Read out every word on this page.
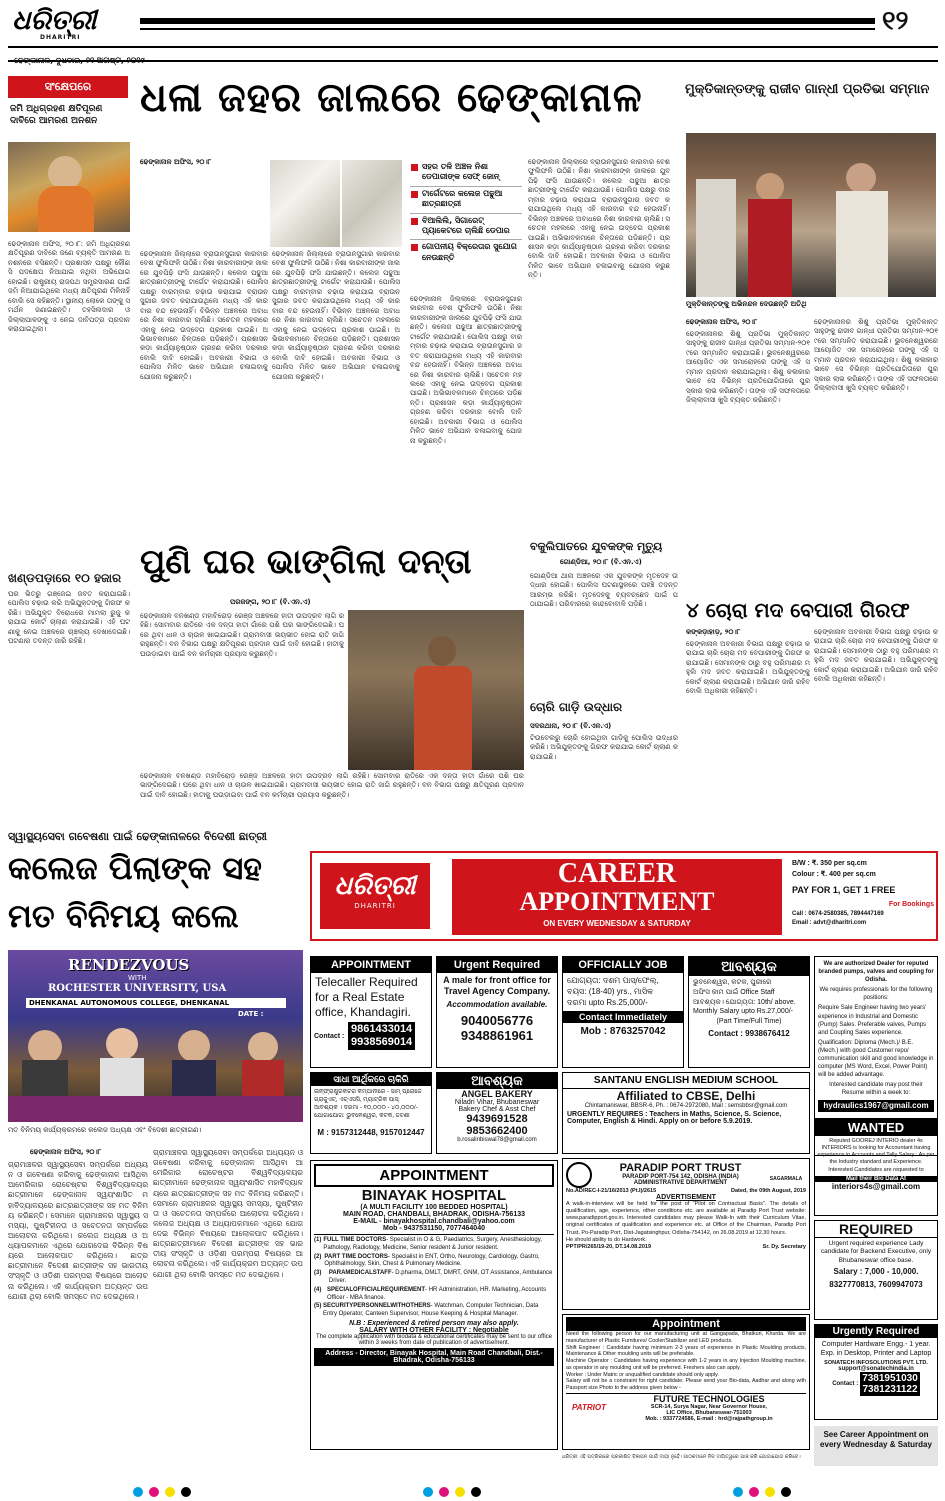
ଧରିତ୍ରୀ
DHARITRI
୧୨
ଢେଙ୍କାନାଳ, ବୁଧବାର, ୨୧ ଅଗଷ୍ଟ, ୨୦୧୯
ସଂକ୍ଷେପରେ
ଜମି ଅଧିଗ୍ରହଣ କ୍ଷତିପୂରଣ ଦାବିରେ ଆମରଣ ଅନଶନ
ଢେଙ୍କାନାଳ ଅଫିସ, ୨୦।୮: ଜମି ଅଧିଗ୍ରହଣ କ୍ଷତିପୂରଣ ଦାବିରେ ଜଣେ ବ୍ୟକ୍ତି ଆମରଣ ଅନଶନରେ ବସିଛନ୍ତି। ପ୍ରଶାସନ ପକ୍ଷରୁ କୌଣସି ପଦକ୍ଷେପ ନିଆଯାଇ ନଥିବା ଅଭିଯୋଗ ହୋଇଛି। ରାଷ୍ଟ୍ରୀୟ ରାଜପଥ ସମ୍ପ୍ରସାରଣ ପାଇଁ ଜମି ନିଆଯାଇଥିଲେ ମଧ୍ୟ କ୍ଷତିପୂରଣ ମିଳିନାହିଁ ବୋଲି ସେ କହିଛନ୍ତି। ସ୍ଥାନୀୟ ଲୋକେ ତାଙ୍କୁ ସମର୍ଥନ ଜଣାଇଛନ୍ତି। ତହସିଲଦାର ଓ ଜିଲ୍ଲାପାଳଙ୍କୁ ଏ ନେଇ ଦାବିପତ୍ର ପ୍ରଦାନ କରାଯାଇଥିଲା।
ଖଣ୍ଡପଡ଼ାରେ ୧୦ ହଜାର
ଘର ଭିତରୁ ଗଞ୍ଜେଇ ଜବତ କରାଯାଇଛି। ପୋଲିସ ଚଢ଼ାଉ କରି ଅଭିଯୁକ୍ତଙ୍କୁ ଗିରଫ କରିଛି। ଅଭିଯୁକ୍ତ ବିରୋଧରେ ମାମଲା ରୁଜୁ କରାଯାଇ କୋର୍ଟ ଚାଲାଣ କରାଯାଇଛି। ଏହି ଘଟଣାକୁ ନେଇ ଅଞ୍ଚଳରେ ଚାଞ୍ଚଲ୍ୟ ଦେଖାଦେଇଛି। ଘଟଣାର ତଦନ୍ତ ଜାରି ରହିଛି।
ଧଳା ଜହର ଜାଲରେ ଢେଙ୍କାନାଳ
ଢେଙ୍କାନାଳ ଅଫିସ, ୨୦।୮	ସହର ତଳି ଅଞ୍ଚଳ ନିଶା ଡେପାରୀଙ୍କ ସେଫ୍ ଜୋନ୍
ଟାର୍ଗେଟରେ କଲେଜ ପଢୁଆ ଛାତ୍ରଛାତ୍ରୀ
ବିଆଲିଲି, ସିଗାରେଟ୍ ପ୍ୟାକେଟରେ ଚାଲିଛି ଡେପାର
ଗୋପନୀୟ ବିକ୍ରେତାର ସୁଯୋଗ ନେଉଛନ୍ତି
ଢେଙ୍କାନାଳ ଜିଲ୍ଲାରେ ବ୍ରାଉନସୁଗାର କାରବାର ବେଶ ଫୁଲିଫଳି ଉଠିଛି। ନିଶା କାରବାରୀଙ୍କ ଜାଲରେ ଯୁବପିଢ଼ି ଫସି ଯାଉଛନ୍ତି। କଲେଜ ପଢୁଆ ଛାତ୍ରଛାତ୍ରୀଙ୍କୁ ଟାର୍ଗେଟ କରାଯାଉଛି। ପୋଲିସ ପକ୍ଷରୁ ବାରମ୍ବାର ଚଢ଼ାଉ କରାଯାଇ ବ୍ରାଉନସୁଗାର ଜବତ କରାଯାଉଥିଲେ ମଧ୍ୟ ଏହି କାରବାର ବନ୍ଦ ହେଉନାହିଁ। ବିଭିନ୍ନ ଅଞ୍ଚଳରେ ଅବାଧରେ ନିଶା କାରବାର ଚାଲିଛି। ସଚେତନ ମହଲରେ ଏହାକୁ ନେଇ ଉଦ୍‌ବେଗ ପ୍ରକାଶ ପାଇଛି। ଅଭିଭାବକମାନେ ଚିନ୍ତାରେ ପଡ଼ିଛନ୍ତି। ପ୍ରଶାସନ କଡ଼ା କାର୍ଯ୍ୟାନୁଷ୍ଠାନ ଗ୍ରହଣ କରିବା ଦରକାର ବୋଲି ଦାବି ହୋଇଛି। ଅବକାରୀ ବିଭାଗ ଓ ପୋଲିସ ମିଳିତ ଭାବେ ଅଭିଯାନ ଚଳାଇବାକୁ ଯୋଜନା କରୁଛନ୍ତି।
ଢେଙ୍କାନାଳ ଜିଲ୍ଲାରେ ବ୍ରାଉନସୁଗାର କାରବାର ବେଶ ଫୁଲିଫଳି ଉଠିଛି। ନିଶା କାରବାରୀଙ୍କ ଜାଲରେ ଯୁବପିଢ଼ି ଫସି ଯାଉଛନ୍ତି। କଲେଜ ପଢୁଆ ଛାତ୍ରଛାତ୍ରୀଙ୍କୁ ଟାର୍ଗେଟ କରାଯାଉଛି। ପୋଲିସ ପକ୍ଷରୁ ବାରମ୍ବାର ଚଢ଼ାଉ କରାଯାଇ ବ୍ରାଉନସୁଗାର ଜବତ କରାଯାଉଥିଲେ ମଧ୍ୟ ଏହି କାରବାର ବନ୍ଦ ହେଉନାହିଁ। ବିଭିନ୍ନ ଅଞ୍ଚଳରେ ଅବାଧରେ ନିଶା କାରବାର ଚାଲିଛି। ସଚେତନ ମହଲରେ ଏହାକୁ ନେଇ ଉଦ୍‌ବେଗ ପ୍ରକାଶ ପାଇଛି। ଅଭିଭାବକମାନେ ଚିନ୍ତାରେ ପଡ଼ିଛନ୍ତି। ପ୍ରଶାସନ କଡ଼ା କାର୍ଯ୍ୟାନୁଷ୍ଠାନ ଗ୍ରହଣ କରିବା ଦରକାର ବୋଲି ଦାବି ହୋଇଛି। ଅବକାରୀ ବିଭାଗ ଓ ପୋଲିସ ମିଳିତ ଭାବେ ଅଭିଯାନ ଚଳାଇବାକୁ ଯୋଜନା କରୁଛନ୍ତି।
ଢେଙ୍କାନାଳ ଜିଲ୍ଲାରେ ବ୍ରାଉନସୁଗାର କାରବାର ବେଶ ଫୁଲିଫଳି ଉଠିଛି। ନିଶା କାରବାରୀଙ୍କ ଜାଲରେ ଯୁବପିଢ଼ି ଫସି ଯାଉଛନ୍ତି। କଲେଜ ପଢୁଆ ଛାତ୍ରଛାତ୍ରୀଙ୍କୁ ଟାର୍ଗେଟ କରାଯାଉଛି। ପୋଲିସ ପକ୍ଷରୁ ବାରମ୍ବାର ଚଢ଼ାଉ କରାଯାଇ ବ୍ରାଉନସୁଗାର ଜବତ କରାଯାଉଥିଲେ ମଧ୍ୟ ଏହି କାରବାର ବନ୍ଦ ହେଉନାହିଁ। ବିଭିନ୍ନ ଅଞ୍ଚଳରେ ଅବାଧରେ ନିଶା କାରବାର ଚାଲିଛି। ସଚେତନ ମହଲରେ ଏହାକୁ ନେଇ ଉଦ୍‌ବେଗ ପ୍ରକାଶ ପାଇଛି। ଅଭିଭାବକମାନେ ଚିନ୍ତାରେ ପଡ଼ିଛନ୍ତି। ପ୍ରଶାସନ କଡ଼ା କାର୍ଯ୍ୟାନୁଷ୍ଠାନ ଗ୍ରହଣ କରିବା ଦରକାର ବୋଲି ଦାବି ହୋଇଛି। ଅବକାରୀ ବିଭାଗ ଓ ପୋଲିସ ମିଳିତ ଭାବେ ଅଭିଯାନ ଚଳାଇବାକୁ ଯୋଜନା କରୁଛନ୍ତି।
ଢେଙ୍କାନାଳ ଜିଲ୍ଲାରେ ବ୍ରାଉନସୁଗାର କାରବାର ବେଶ ଫୁଲିଫଳି ଉଠିଛି। ନିଶା କାରବାରୀଙ୍କ ଜାଲରେ ଯୁବପିଢ଼ି ଫସି ଯାଉଛନ୍ତି। କଲେଜ ପଢୁଆ ଛାତ୍ରଛାତ୍ରୀଙ୍କୁ ଟାର୍ଗେଟ କରାଯାଉଛି। ପୋଲିସ ପକ୍ଷରୁ ବାରମ୍ବାର ଚଢ଼ାଉ କରାଯାଇ ବ୍ରାଉନସୁଗାର ଜବତ କରାଯାଉଥିଲେ ମଧ୍ୟ ଏହି କାରବାର ବନ୍ଦ ହେଉନାହିଁ। ବିଭିନ୍ନ ଅଞ୍ଚଳରେ ଅବାଧରେ ନିଶା କାରବାର ଚାଲିଛି। ସଚେତନ ମହଲରେ ଏହାକୁ ନେଇ ଉଦ୍‌ବେଗ ପ୍ରକାଶ ପାଇଛି। ଅଭିଭାବକମାନେ ଚିନ୍ତାରେ ପଡ଼ିଛନ୍ତି। ପ୍ରଶାସନ କଡ଼ା କାର୍ଯ୍ୟାନୁଷ୍ଠାନ ଗ୍ରହଣ କରିବା ଦରକାର ବୋଲି ଦାବି ହୋଇଛି। ଅବକାରୀ ବିଭାଗ ଓ ପୋଲିସ ମିଳିତ ଭାବେ ଅଭିଯାନ ଚଳାଇବାକୁ ଯୋଜନା କରୁଛନ୍ତି।
ମୁକ୍ତିକାନ୍ତଙ୍କୁ ରାଜୀବ ଗାନ୍ଧୀ ପ୍ରତିଭା ସମ୍ମାନ
ମୁକ୍ତିକାନ୍ତଙ୍କୁ ଅଭିନନ୍ଦନ ଦେଉଛନ୍ତି ଅତିଥି
ଢେଙ୍କାନାଳ ଅଫିସ, ୨୦।୮
ଢେଙ୍କାନାଳର ଶିଶୁ ପ୍ରତିଭା ମୁକ୍ତିକାନ୍ତ ସାହୁଙ୍କୁ ରାଜୀବ ଗାନ୍ଧୀ ପ୍ରତିଭା ସମ୍ମାନ-୨୦୧୯ରେ ସମ୍ମାନିତ କରାଯାଇଛି। ଭୁବନେଶ୍ୱରରେ ଆୟୋଜିତ ଏକ ସମାରୋହରେ ତାଙ୍କୁ ଏହି ସମ୍ମାନ ପ୍ରଦାନ କରାଯାଇଥିଲା। ଶିଶୁ କଳାକାର ଭାବେ ସେ ବିଭିନ୍ନ ପ୍ରତିଯୋଗିତାରେ ପୁରସ୍କାର ଲାଭ କରିଛନ୍ତି। ତାଙ୍କ ଏହି ସଫଳତାରେ ଜିଲ୍ଲାବାସୀ ଖୁସି ବ୍ୟକ୍ତ କରିଛନ୍ତି।
ଢେଙ୍କାନାଳର ଶିଶୁ ପ୍ରତିଭା ମୁକ୍ତିକାନ୍ତ ସାହୁଙ୍କୁ ରାଜୀବ ଗାନ୍ଧୀ ପ୍ରତିଭା ସମ୍ମାନ-୨୦୧୯ରେ ସମ୍ମାନିତ କରାଯାଇଛି। ଭୁବନେଶ୍ୱରରେ ଆୟୋଜିତ ଏକ ସମାରୋହରେ ତାଙ୍କୁ ଏହି ସମ୍ମାନ ପ୍ରଦାନ କରାଯାଇଥିଲା। ଶିଶୁ କଳାକାର ଭାବେ ସେ ବିଭିନ୍ନ ପ୍ରତିଯୋଗିତାରେ ପୁରସ୍କାର ଲାଭ କରିଛନ୍ତି। ତାଙ୍କ ଏହି ସଫଳତାରେ ଜିଲ୍ଲାବାସୀ ଖୁସି ବ୍ୟକ୍ତ କରିଛନ୍ତି।
ବକୁଲିପାତରେ ଯୁବକଙ୍କ ମୃତ୍ୟୁ
ଗୋଣ୍ଡିଆ, ୨୦।୮ (ବି.ଏନ.ଏ)
ଗୋଣ୍ଡିଆ ଥାନା ଅଞ୍ଚଳରେ ଏକ ଯୁବକଙ୍କ ମୃତଦେହ ଉଦ୍ଧାର ହୋଇଛି। ପୋଲିସ ଘଟଣାସ୍ଥଳରେ ପହଞ୍ଚି ତଦନ୍ତ ଆରମ୍ଭ କରିଛି। ମୃତଦେହକୁ ବ୍ୟବଚ୍ଛେଦ ପାଇଁ ପଠାଯାଇଛି। ପରିବାରରେ କାନ୍ଦବୋବାଳି ପଡ଼ିଛି।
ଚୋରି ଗାଡ଼ି ଉଦ୍ଧାର
ସଦରଥାନା, ୨୦।୮ (ବି.ଏନ.ଏ)
ଟିଉବେଲରୁ ଚୋରି ହୋଇଥିବା ଗାଡ଼ିକୁ ପୋଲିସ ଉଦ୍ଧାର କରିଛି। ଅଭିଯୁକ୍ତଙ୍କୁ ଗିରଫ କରାଯାଇ କୋର୍ଟ ଚାଲାଣ କରାଯାଇଛି।
ପୁଣି ଘର ଭାଙ୍ଗିଲା ଦନ୍ତା
ପରଜଙ୍ଗ, ୨୦।୮ (ବି.ଏନ.ଏ)
ଢେଙ୍କାନାଳ ବନଖଣ୍ଡ ମହାବିରୋଡ଼ ରେଞ୍ଜ ଅଞ୍ଚଳରେ ହାତୀ ଉପଦ୍ରବ ଲାଗି ରହିଛି। ସୋମବାର ରାତିରେ ଏକ ଦନ୍ତା ହାତୀ ଗାଁରେ ପଶି ଘର ଭାଙ୍ଗିଦେଇଛି। ଘରେ ଥିବା ଧାନ ଓ ଚାଉଳ ଖାଇଯାଇଛି। ଗ୍ରାମବାସୀ ଭୟଭୀତ ହୋଇ ରାତି ଜାଗି ରହୁଛନ୍ତି। ବନ ବିଭାଗ ପକ୍ଷରୁ କ୍ଷତିପୂରଣ ପ୍ରଦାନ ପାଇଁ ଦାବି ହୋଇଛି। ହାତୀକୁ ଘଉଡ଼ାଇବା ପାଇଁ ବନ କର୍ମଚାରୀ ପ୍ରୟାସ କରୁଛନ୍ତି।
ଢେଙ୍କାନାଳ ବନଖଣ୍ଡ ମହାବିରୋଡ଼ ରେଞ୍ଜ ଅଞ୍ଚଳରେ ହାତୀ ଉପଦ୍ରବ ଲାଗି ରହିଛି। ସୋମବାର ରାତିରେ ଏକ ଦନ୍ତା ହାତୀ ଗାଁରେ ପଶି ଘର ଭାଙ୍ଗିଦେଇଛି। ଘରେ ଥିବା ଧାନ ଓ ଚାଉଳ ଖାଇଯାଇଛି। ଗ୍ରାମବାସୀ ଭୟଭୀତ ହୋଇ ରାତି ଜାଗି ରହୁଛନ୍ତି। ବନ ବିଭାଗ ପକ୍ଷରୁ କ୍ଷତିପୂରଣ ପ୍ରଦାନ ପାଇଁ ଦାବି ହୋଇଛି। ହାତୀକୁ ଘଉଡ଼ାଇବା ପାଇଁ ବନ କର୍ମଚାରୀ ପ୍ରୟାସ କରୁଛନ୍ତି।
୪ ଚୋରା ମଦ ବେପାରୀ ଗିରଫ
କଙ୍କଡ଼ାହାଡ଼, ୨୦।୮
ଢେଙ୍କାନାଳ ଅବକାରୀ ବିଭାଗ ପକ୍ଷରୁ ଚଢ଼ାଉ କରାଯାଇ ଚାରି ଚୋରା ମଦ ବେପାରୀଙ୍କୁ ଗିରଫ କରାଯାଇଛି। ସେମାନଙ୍କ ଠାରୁ ବହୁ ପରିମାଣର ମହୁଲି ମଦ ଜବତ କରାଯାଇଛି। ଅଭିଯୁକ୍ତଙ୍କୁ କୋର୍ଟ ଚାଲାଣ କରାଯାଇଛି। ଅଭିଯାନ ଜାରି ରହିବ ବୋଲି ଅଧିକାରୀ କହିଛନ୍ତି।
ଢେଙ୍କାନାଳ ଅବକାରୀ ବିଭାଗ ପକ୍ଷରୁ ଚଢ଼ାଉ କରାଯାଇ ଚାରି ଚୋରା ମଦ ବେପାରୀଙ୍କୁ ଗିରଫ କରାଯାଇଛି। ସେମାନଙ୍କ ଠାରୁ ବହୁ ପରିମାଣର ମହୁଲି ମଦ ଜବତ କରାଯାଇଛି। ଅଭିଯୁକ୍ତଙ୍କୁ କୋର୍ଟ ଚାଲାଣ କରାଯାଇଛି। ଅଭିଯାନ ଜାରି ରହିବ ବୋଲି ଅଧିକାରୀ କହିଛନ୍ତି।
ସ୍ୱାସ୍ଥ୍ୟସେବା ଗବେଷଣା ପାଇଁ ଢେଙ୍କାନାଳରେ ବିଦେଶୀ ଛାତ୍ରୀ
କଲେଜ ପିଲାଙ୍କ ସହ
ମତ ବିନିମୟ କଲେ
RENDEZVOUS
WITH
ROCHESTER UNIVERSITY, USA
DHENKANAL AUTONOMOUS COLLEGE, DHENKANAL
DATE :
ମତ ବିନିମୟ କାର୍ଯ୍ୟକ୍ରମରେ କଲେଜ ଅଧ୍ୟକ୍ଷ ଏବଂ ବିଦେଶୀ ଛାତ୍ରୀଗଣ।
ଢେଙ୍କାନାଳ ଅଫିସ, ୨୦।୮
ଗ୍ରାମାଞ୍ଚଳର ସ୍ୱାସ୍ଥ୍ୟସେବା ସମ୍ପର୍କରେ ଅଧ୍ୟୟନ ଓ ଗବେଷଣା କରିବାକୁ ଢେଙ୍କାନାଳ ଆସିଥିବା ଆମେରିକାର ରୋଚେଷ୍ଟର ବିଶ୍ୱବିଦ୍ୟାଳୟର ଛାତ୍ରୀମାନେ ଢେଙ୍କାନାଳ ସ୍ୱୟଂଶାସିତ ମହାବିଦ୍ୟାଳୟରେ ଛାତ୍ରଛାତ୍ରୀଙ୍କ ସହ ମତ ବିନିମୟ କରିଛନ୍ତି। ସେମାନେ ଗ୍ରାମାଞ୍ଚଳର ସ୍ୱାସ୍ଥ୍ୟ ସମସ୍ୟା, ପୁଷ୍ଟିହୀନତା ଓ ସଚେତନତା ସମ୍ପର୍କରେ ଆଲୋଚନା କରିଥିଲେ। କଲେଜ ଅଧ୍ୟକ୍ଷ ଓ ଅଧ୍ୟାପକମାନେ ଏଥିରେ ଯୋଗଦେଇ ବିଭିନ୍ନ ବିଷୟରେ ଆଲୋକପାତ କରିଥିଲେ। ଛାତ୍ରଛାତ୍ରୀମାନେ ବିଦେଶୀ ଛାତ୍ରୀଙ୍କ ସହ ଭାରତୀୟ ସଂସ୍କୃତି ଓ ଓଡ଼ିଶୀ ପରମ୍ପରା ବିଷୟରେ ଆଲୋଚନା କରିଥିଲେ। ଏହି କାର୍ଯ୍ୟକ୍ରମ ଅତ୍ୟନ୍ତ ଉପଯୋଗୀ ଥିଲା ବୋଲି ସମସ୍ତେ ମତ ଦେଇଥିଲେ।
ଗ୍ରାମାଞ୍ଚଳର ସ୍ୱାସ୍ଥ୍ୟସେବା ସମ୍ପର୍କରେ ଅଧ୍ୟୟନ ଓ ଗବେଷଣା କରିବାକୁ ଢେଙ୍କାନାଳ ଆସିଥିବା ଆମେରିକାର ରୋଚେଷ୍ଟର ବିଶ୍ୱବିଦ୍ୟାଳୟର ଛାତ୍ରୀମାନେ ଢେଙ୍କାନାଳ ସ୍ୱୟଂଶାସିତ ମହାବିଦ୍ୟାଳୟରେ ଛାତ୍ରଛାତ୍ରୀଙ୍କ ସହ ମତ ବିନିମୟ କରିଛନ୍ତି। ସେମାନେ ଗ୍ରାମାଞ୍ଚଳର ସ୍ୱାସ୍ଥ୍ୟ ସମସ୍ୟା, ପୁଷ୍ଟିହୀନତା ଓ ସଚେତନତା ସମ୍ପର୍କରେ ଆଲୋଚନା କରିଥିଲେ। କଲେଜ ଅଧ୍ୟକ୍ଷ ଓ ଅଧ୍ୟାପକମାନେ ଏଥିରେ ଯୋଗଦେଇ ବିଭିନ୍ନ ବିଷୟରେ ଆଲୋକପାତ କରିଥିଲେ। ଛାତ୍ରଛାତ୍ରୀମାନେ ବିଦେଶୀ ଛାତ୍ରୀଙ୍କ ସହ ଭାରତୀୟ ସଂସ୍କୃତି ଓ ଓଡ଼ିଶୀ ପରମ୍ପରା ବିଷୟରେ ଆଲୋଚନା କରିଥିଲେ। ଏହି କାର୍ଯ୍ୟକ୍ରମ ଅତ୍ୟନ୍ତ ଉପଯୋଗୀ ଥିଲା ବୋଲି ସମସ୍ତେ ମତ ଦେଇଥିଲେ।
ଧରିତ୍ରୀ
DHARITRI
CAREER
APPOINTMENT
ON EVERY WEDNESDAY & SATURDAY
B/W : ₹. 350 per sq.cm
Colour : ₹. 400 per sq.cm
PAY FOR 1, GET 1 FREE
For Bookings
Call : 0674-2580385, 7894447169
Email : advt@dharitri.com
APPOINTMENT
Telecaller Required for a Real Estate office, Khandagiri.
Contact :
9861433014
9938569014
Urgent Required
A male for front office for Travel Agency Company.
Accommodation available.
9040056776
9348861961
OFFICIALLY JOB
ଯୋଗ୍ୟତା: ଦଶମ ପାସ୍/ଫେଲ୍,
ବୟସ: (18-40) yrs., ମାସିକ
ଦରମା upto Rs.25,000/-
Contact Immediately
Mob : 8763257042
ଆବଶ୍ୟକ
ଭୁବନେଶ୍ୱର, କଟକ, ପୁରୀରେ
ଅଫିସ କାମ ପାଇଁ Office Staff
ଆବଶ୍ୟକ। ଯୋଗ୍ୟତା: 10th/ above.
Monthly Salary upto Rs.27,000/-
(Part Time/Full Time)
Contact : 9938676412
We are authorized Dealer for reputed branded pumps, valves and coupling for Odisha.
We requires professionals for the following positions:
Require Sale Engineer having two years' experience in Industrial and Domestic (Pump) Sales. Preferable valves, Pumps and Coupling Sales experience.
Qualification: Diploma (Mech.)/ B.E. (Mech.) with good Customer repo/ communication skill and good knowledge in computer (MS Word, Excel, Power Point) will be added advantage.
Interested candidate may post their Resume within a week to:
hydraulics1967@gmail.com
ସାଧା ଆର୍ଥିକରେ ଚାକିରି
ଇନ୍‌ଫ୍ରାଷ୍ଟ୍ରକଚର କମ୍ପାନୀରେ - ସାମ୍ ପ୍ରୋଜେ
ଗ୍ରାଜୁଏଟ୍, ଏଚ୍‌ଏସସି, ମ୍ୟାଟ୍ରିକ ପାସ୍
ଆବଶ୍ୟକ । ଦରମା - ୧୦,୦୦୦ - ୪୦,୦୦୦/-
ଯୋଗାଯୋଗ: ଭୁବନେଶ୍ୱର, କଟକ, ଜଟଣୀ
M : 9157312448, 9157012447
ଆବଶ୍ୟକ
ANGEL BAKERY
Niladri Vihar, Bhubaneswar
Bakery Chef & Asst Chef
9439691528
9853662400
b.rosalinbiswal78@gmail.com
SANTANU ENGLISH MEDIUM SCHOOL
Affiliated to CBSE, Delhi
Chintamaniswar, BBSR-6, Ph. : 0674-2972080, Mail : semsbbsr@gmail.com
URGENTLY REQUIRES : Teachers in Maths, Science, S. Science, Computer, English & Hindi. Apply on or before 5.9.2019.
APPOINTMENT
BINAYAK HOSPITAL
(A MULTI FACILITY 100 BEDDED HOSPITAL)
MAIN ROAD, CHANDBALI, BHADRAK, ODISHA-756133
E-MAIL - binayakhospital.chandbali@yahoo.com
Mob - 9437531150, 7077464040
(1) FULL TIME DOCTORS- Specialist in O & G, Paediatrics, Surgery, Anesthesiology, Pathology, Radiology, Medicine, Senior resident & Junior resident.
(2) PART TIME DOCTORS- Specialist in ENT, Ortho, Neurology, Cardiology, Gastro, Ophthalmology, Skin, Chest & Pulmonary Medicine.
(3)	PARAMEDICALSTAFF- D.pharma, DMLT, DMRT, GNM, OT Assistance, Ambulance Driver.
(4) SPECIALOFFICIALREQUIREMENT- HR Administration, HR. Marketing, Accounts Officer - MBA finance.
(5) SECURITYPERSONNELWITHOTHERS- Watchman, Computer Technician, Data Entry Operator, Canteen Supervisor, House Keeping & Hospital Manager.
N.B : Experienced & retired person may also apply.
SALARY WITH OTHER FACILITY : Negotiable
The complete application with biodata & educational certificates may be sent to our office within 3 weeks from date of publication of advertisement.
Address - Director, Binayak Hospital, Main Road Chandbali, Dist.- Bhadrak, Odisha-756133
PARADIP PORT TRUST
PARADIP PORT-754 142, ODISHA (INDIA)
ADMINISTRATIVE DEPARTMENT
SAGARMALA
No.AD/REC-I-21/16/2013 (Pt.I)/2615	Dated, the 09th August, 2019
ADVERTISEMENT
A walk-in-interview will be held for the post of "Pilot on Contractual Basis". The details of qualification, age, experience, other conditions etc. are available at Paradip Port Trust website: www.paradipport.gov.in. Interested candidates may please Walk-In with their Curriculum Vitae, original certificates of qualification and experience etc. at Office of the Chairman, Paradip Port Trust, Po-Paradip Port, Dist-Jagatsinghpur, Odisha-754142, on 26.08.2019 at 12.30 hours.
He should ability to do Hardwork.
PPT/PR/265/19-20, DT.14.08.2019	Sr. Dy. Secretary
Appointment
Need the following person for our manufacturing unit at Gangapada, Bhatkuri, Khurda. We are manufacturer of Plastic Furnitures/ Cooler/Stabilizer and LED products.
Shift Engineer : Candidate having minimum 2-3 years of experience in Plastic Moulding products, Maintenance & Other moulding units will be preferable.
Machine Operator : Candidates having experience with 1-2 years in any Injection Moulding machine, as operator in any moulding unit will be preferred. Freshers also can apply.
Worker : Under Matric or unqualified candidate should only apply.
Salary will not be a constraint for right candidate. Please send your Bio-data, Aadhar and along with Passport size Photo to the address given below -
PATRIOT
FUTURE TECHNOLOGIES
SCR-14, Surya Nagar, Near Governor House,
LIC Office, Bhubaneswar-751003
Mob. : 9337724586, E-mail : hrd@rajpathgroup.in
WANTED
Reputed GOOREJ INTERIO dealer 4s INTERIORS is looking for Accountant having experience in Accounts and Tally Salary : As per the Industry standard and Experience. Interested Candidates are requested to
Mail their Bio Data At
interiors4s@gmail.com
REQUIRED
Urgent required experience Lady candidate for Backend Executive, only Bhubaneswar office base.
Salary : 7,000 - 10,000.
8327770813, 7609947073
Urgently Required
Computer Hardware Engg.- 1 year. Exp. in Desktop, Printer and Laptop
SONATECH INFOSOLUTIONS PVT. LTD.
support@sonatechindia.in
Contact : 7381951030
7381231122
See Career Appointment on every Wednesday & Saturday
ଧରିତ୍ରୀ ଏହି ପତ୍ରିକାରେ ପ୍ରକାଶିତ ବିଜ୍ଞାପନ ପାଇଁ ଦାୟୀ ନୁହେଁ। ପାଠକମାନେ ନିଜ ଦାୟିତ୍ୱରେ ଯାଞ୍ଚ କରି ଯୋଗାଯୋଗ କରିବେ।
